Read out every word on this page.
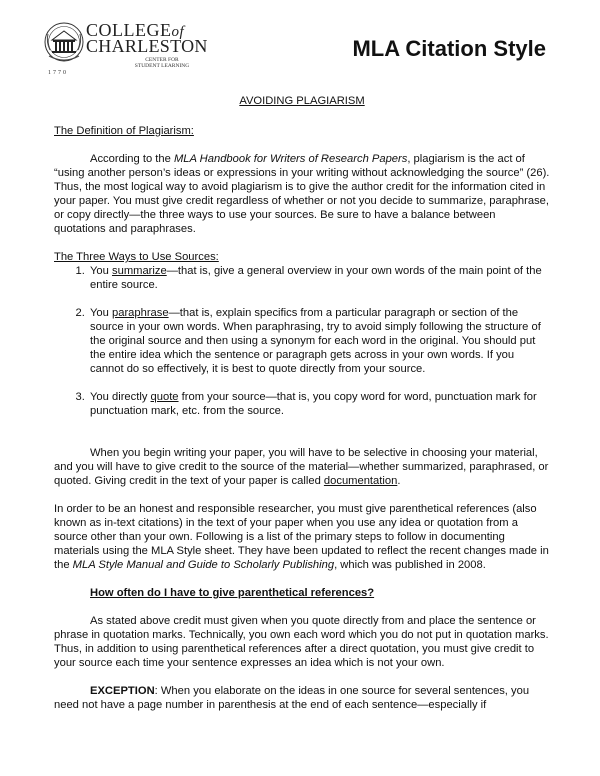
COLLEGEof
CHARLESTON
CENTER FOR
STUDENT LEARNING
1770
MLA Citation Style

AVOIDING PLAGIARISM

The Definition of Plagiarism:

According to the MLA Handbook for Writers of Research Papers, plagiarism is the act of “using another person’s ideas or expressions in your writing without acknowledging the source” (26). Thus, the most logical way to avoid plagiarism is to give the author credit for the information cited in your paper. You must give credit regardless of whether or not you decide to summarize, paraphrase, or copy directly—the three ways to use your sources. Be sure to have a balance between quotations and paraphrases.

The Three Ways to Use Sources:

1. You summarize—that is, give a general overview in your own words of the main point of the entire source.
2. You paraphrase—that is, explain specifics from a particular paragraph or section of the source in your own words. When paraphrasing, try to avoid simply following the structure of the original source and then using a synonym for each word in the original. You should put the entire idea which the sentence or paragraph gets across in your own words. If you cannot do so effectively, it is best to quote directly from your source.
3. You directly quote from your source—that is, you copy word for word, punctuation mark for punctuation mark, etc. from the source.

When you begin writing your paper, you will have to be selective in choosing your material, and you will have to give credit to the source of the material—whether summarized, paraphrased, or quoted. Giving credit in the text of your paper is called documentation.

In order to be an honest and responsible researcher, you must give parenthetical references (also known as in-text citations) in the text of your paper when you use any idea or quotation from a source other than your own. Following is a list of the primary steps to follow in documenting materials using the MLA Style sheet. They have been updated to reflect the recent changes made in the MLA Style Manual and Guide to Scholarly Publishing, which was published in 2008.

How often do I have to give parenthetical references?

As stated above credit must given when you quote directly from and place the sentence or phrase in quotation marks. Technically, you own each word which you do not put in quotation marks. Thus, in addition to using parenthetical references after a direct quotation, you must give credit to your source each time your sentence expresses an idea which is not your own.

EXCEPTION: When you elaborate on the ideas in one source for several sentences, you need not have a page number in parenthesis at the end of each sentence—especially if
